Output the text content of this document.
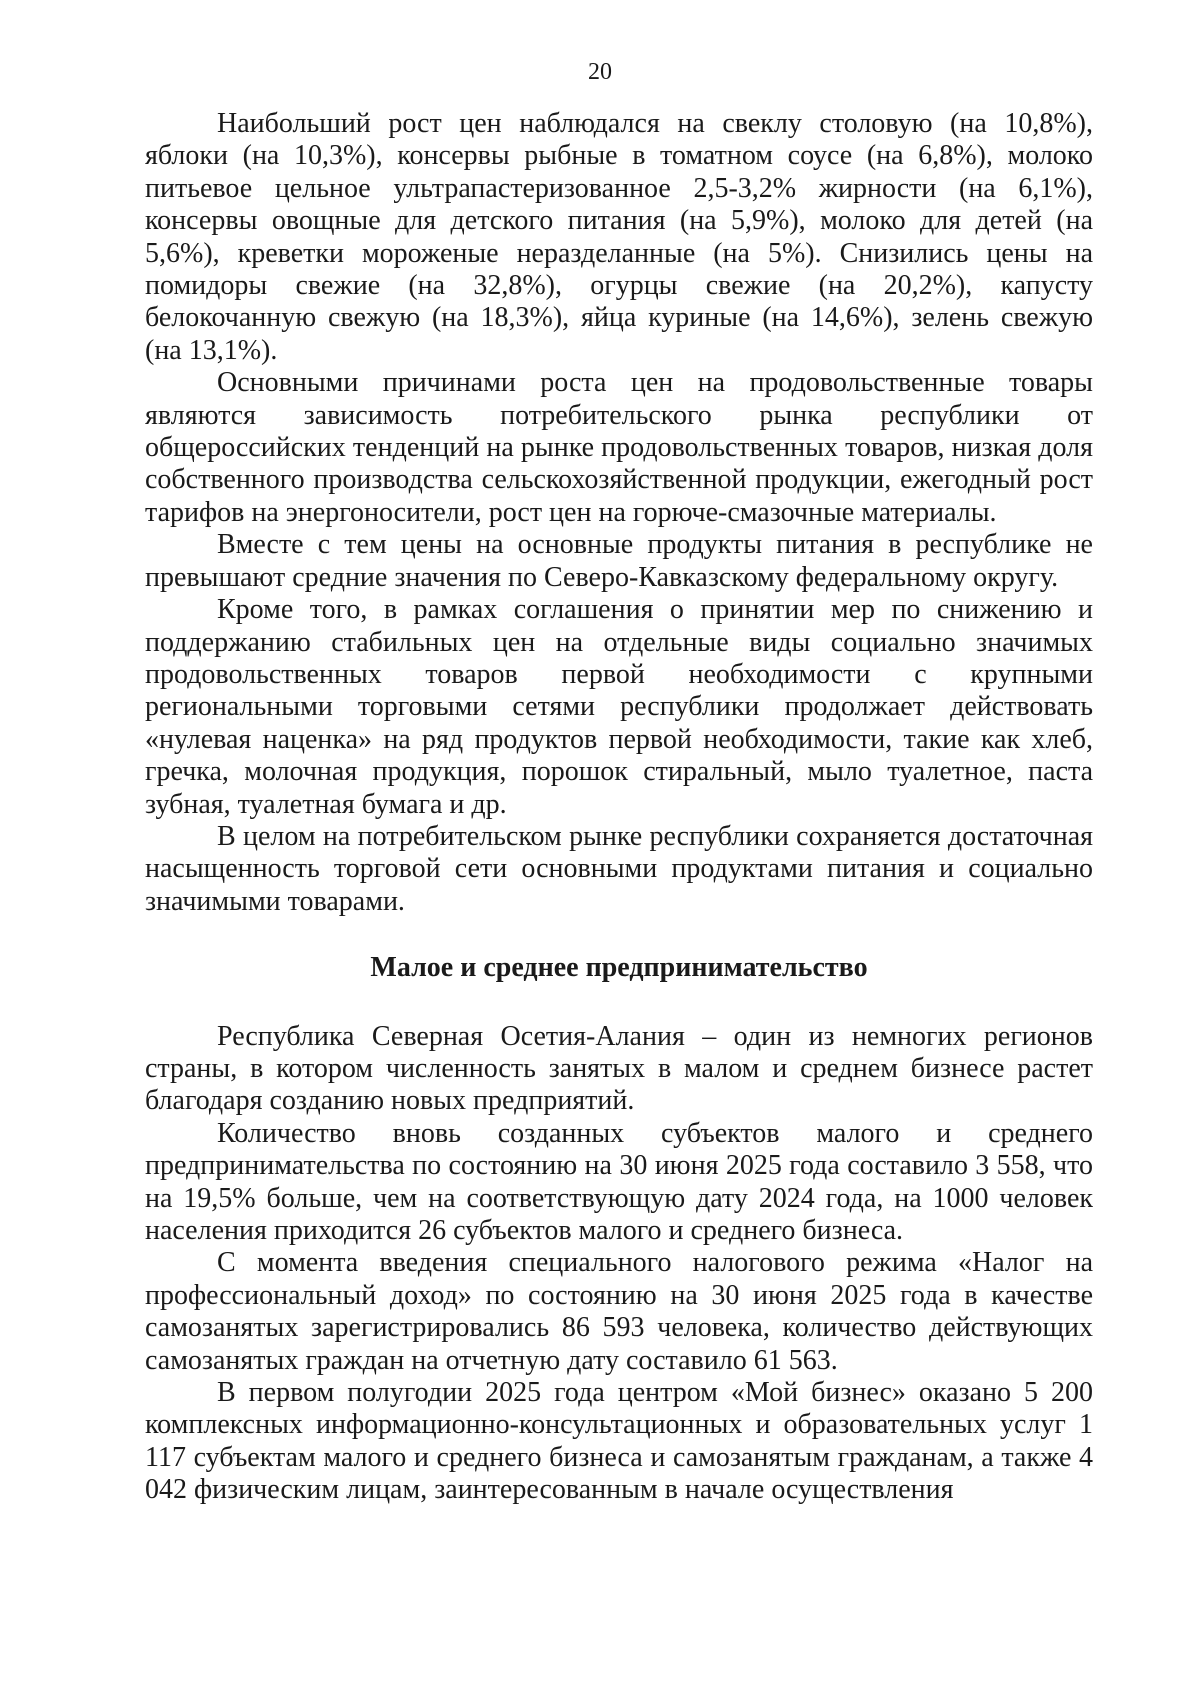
20

Наибольший рост цен наблюдался на свеклу столовую (на 10,8%), яблоки (на 10,3%), консервы рыбные в томатном соусе (на 6,8%), молоко питьевое цельное ультрапастеризованное 2,5-3,2% жирности (на 6,1%), консервы овощные для детского питания (на 5,9%), молоко для детей (на 5,6%), креветки мороженые неразделанные (на 5%). Снизились цены на помидоры свежие (на 32,8%), огурцы свежие (на 20,2%), капусту белокочанную свежую (на 18,3%), яйца куриные (на 14,6%), зелень свежую (на 13,1%).

Основными причинами роста цен на продовольственные товары являются зависимость потребительского рынка республики от общероссийских тенденций на рынке продовольственных товаров, низкая доля собственного производства сельскохозяйственной продукции, ежегодный рост тарифов на энергоносители, рост цен на горюче-смазочные материалы.

Вместе с тем цены на основные продукты питания в республике не превышают средние значения по Северо-Кавказскому федеральному округу.

Кроме того, в рамках соглашения о принятии мер по снижению и поддержанию стабильных цен на отдельные виды социально значимых продовольственных товаров первой необходимости с крупными региональными торговыми сетями республики продолжает действовать «нулевая наценка» на ряд продуктов первой необходимости, такие как хлеб, гречка, молочная продукция, порошок стиральный, мыло туалетное, паста зубная, туалетная бумага и др.

В целом на потребительском рынке республики сохраняется достаточная насыщенность торговой сети основными продуктами питания и социально значимыми товарами.

Малое и среднее предпринимательство

Республика Северная Осетия-Алания – один из немногих регионов страны, в котором численность занятых в малом и среднем бизнесе растет благодаря созданию новых предприятий.

Количество вновь созданных субъектов малого и среднего предпринимательства по состоянию на 30 июня 2025 года составило 3 558, что на 19,5% больше, чем на соответствующую дату 2024 года, на 1000 человек населения приходится 26 субъектов малого и среднего бизнеса.

С момента введения специального налогового режима «Налог на профессиональный доход» по состоянию на 30 июня 2025 года в качестве самозанятых зарегистрировались 86 593 человека, количество действующих самозанятых граждан на отчетную дату составило 61 563.

В первом полугодии 2025 года центром «Мой бизнес» оказано 5 200 комплексных информационно-консультационных и образовательных услуг 1 117 субъектам малого и среднего бизнеса и самозанятым гражданам, а также 4 042 физическим лицам, заинтересованным в начале осуществления
